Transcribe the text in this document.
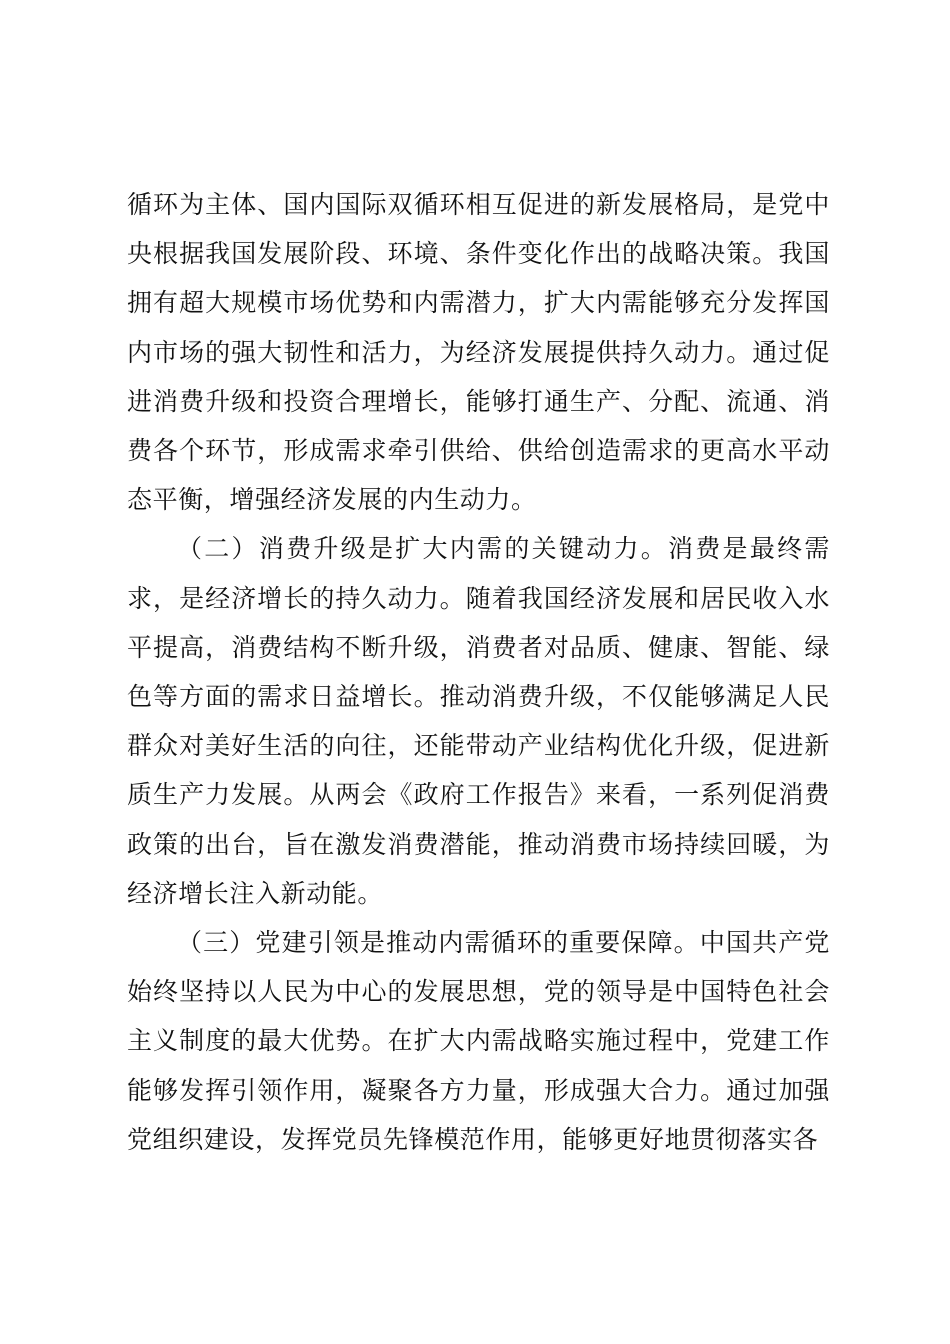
循环为主体、国内国际双循环相互促进的新发展格局，是党中央根据我国发展阶段、环境、条件变化作出的战略决策。我国拥有超大规模市场优势和内需潜力，扩大内需能够充分发挥国内市场的强大韧性和活力，为经济发展提供持久动力。通过促进消费升级和投资合理增长，能够打通生产、分配、流通、消费各个环节，形成需求牵引供给、供给创造需求的更高水平动态平衡，增强经济发展的内生动力。

（二）消费升级是扩大内需的关键动力。消费是最终需求，是经济增长的持久动力。随着我国经济发展和居民收入水平提高，消费结构不断升级，消费者对品质、健康、智能、绿色等方面的需求日益增长。推动消费升级，不仅能够满足人民群众对美好生活的向往，还能带动产业结构优化升级，促进新质生产力发展。从两会《政府工作报告》来看，一系列促消费政策的出台，旨在激发消费潜能，推动消费市场持续回暖，为经济增长注入新动能。

（三）党建引领是推动内需循环的重要保障。中国共产党始终坚持以人民为中心的发展思想，党的领导是中国特色社会主义制度的最大优势。在扩大内需战略实施过程中，党建工作能够发挥引领作用，凝聚各方力量，形成强大合力。通过加强党组织建设，发挥党员先锋模范作用，能够更好地贯彻落实各
